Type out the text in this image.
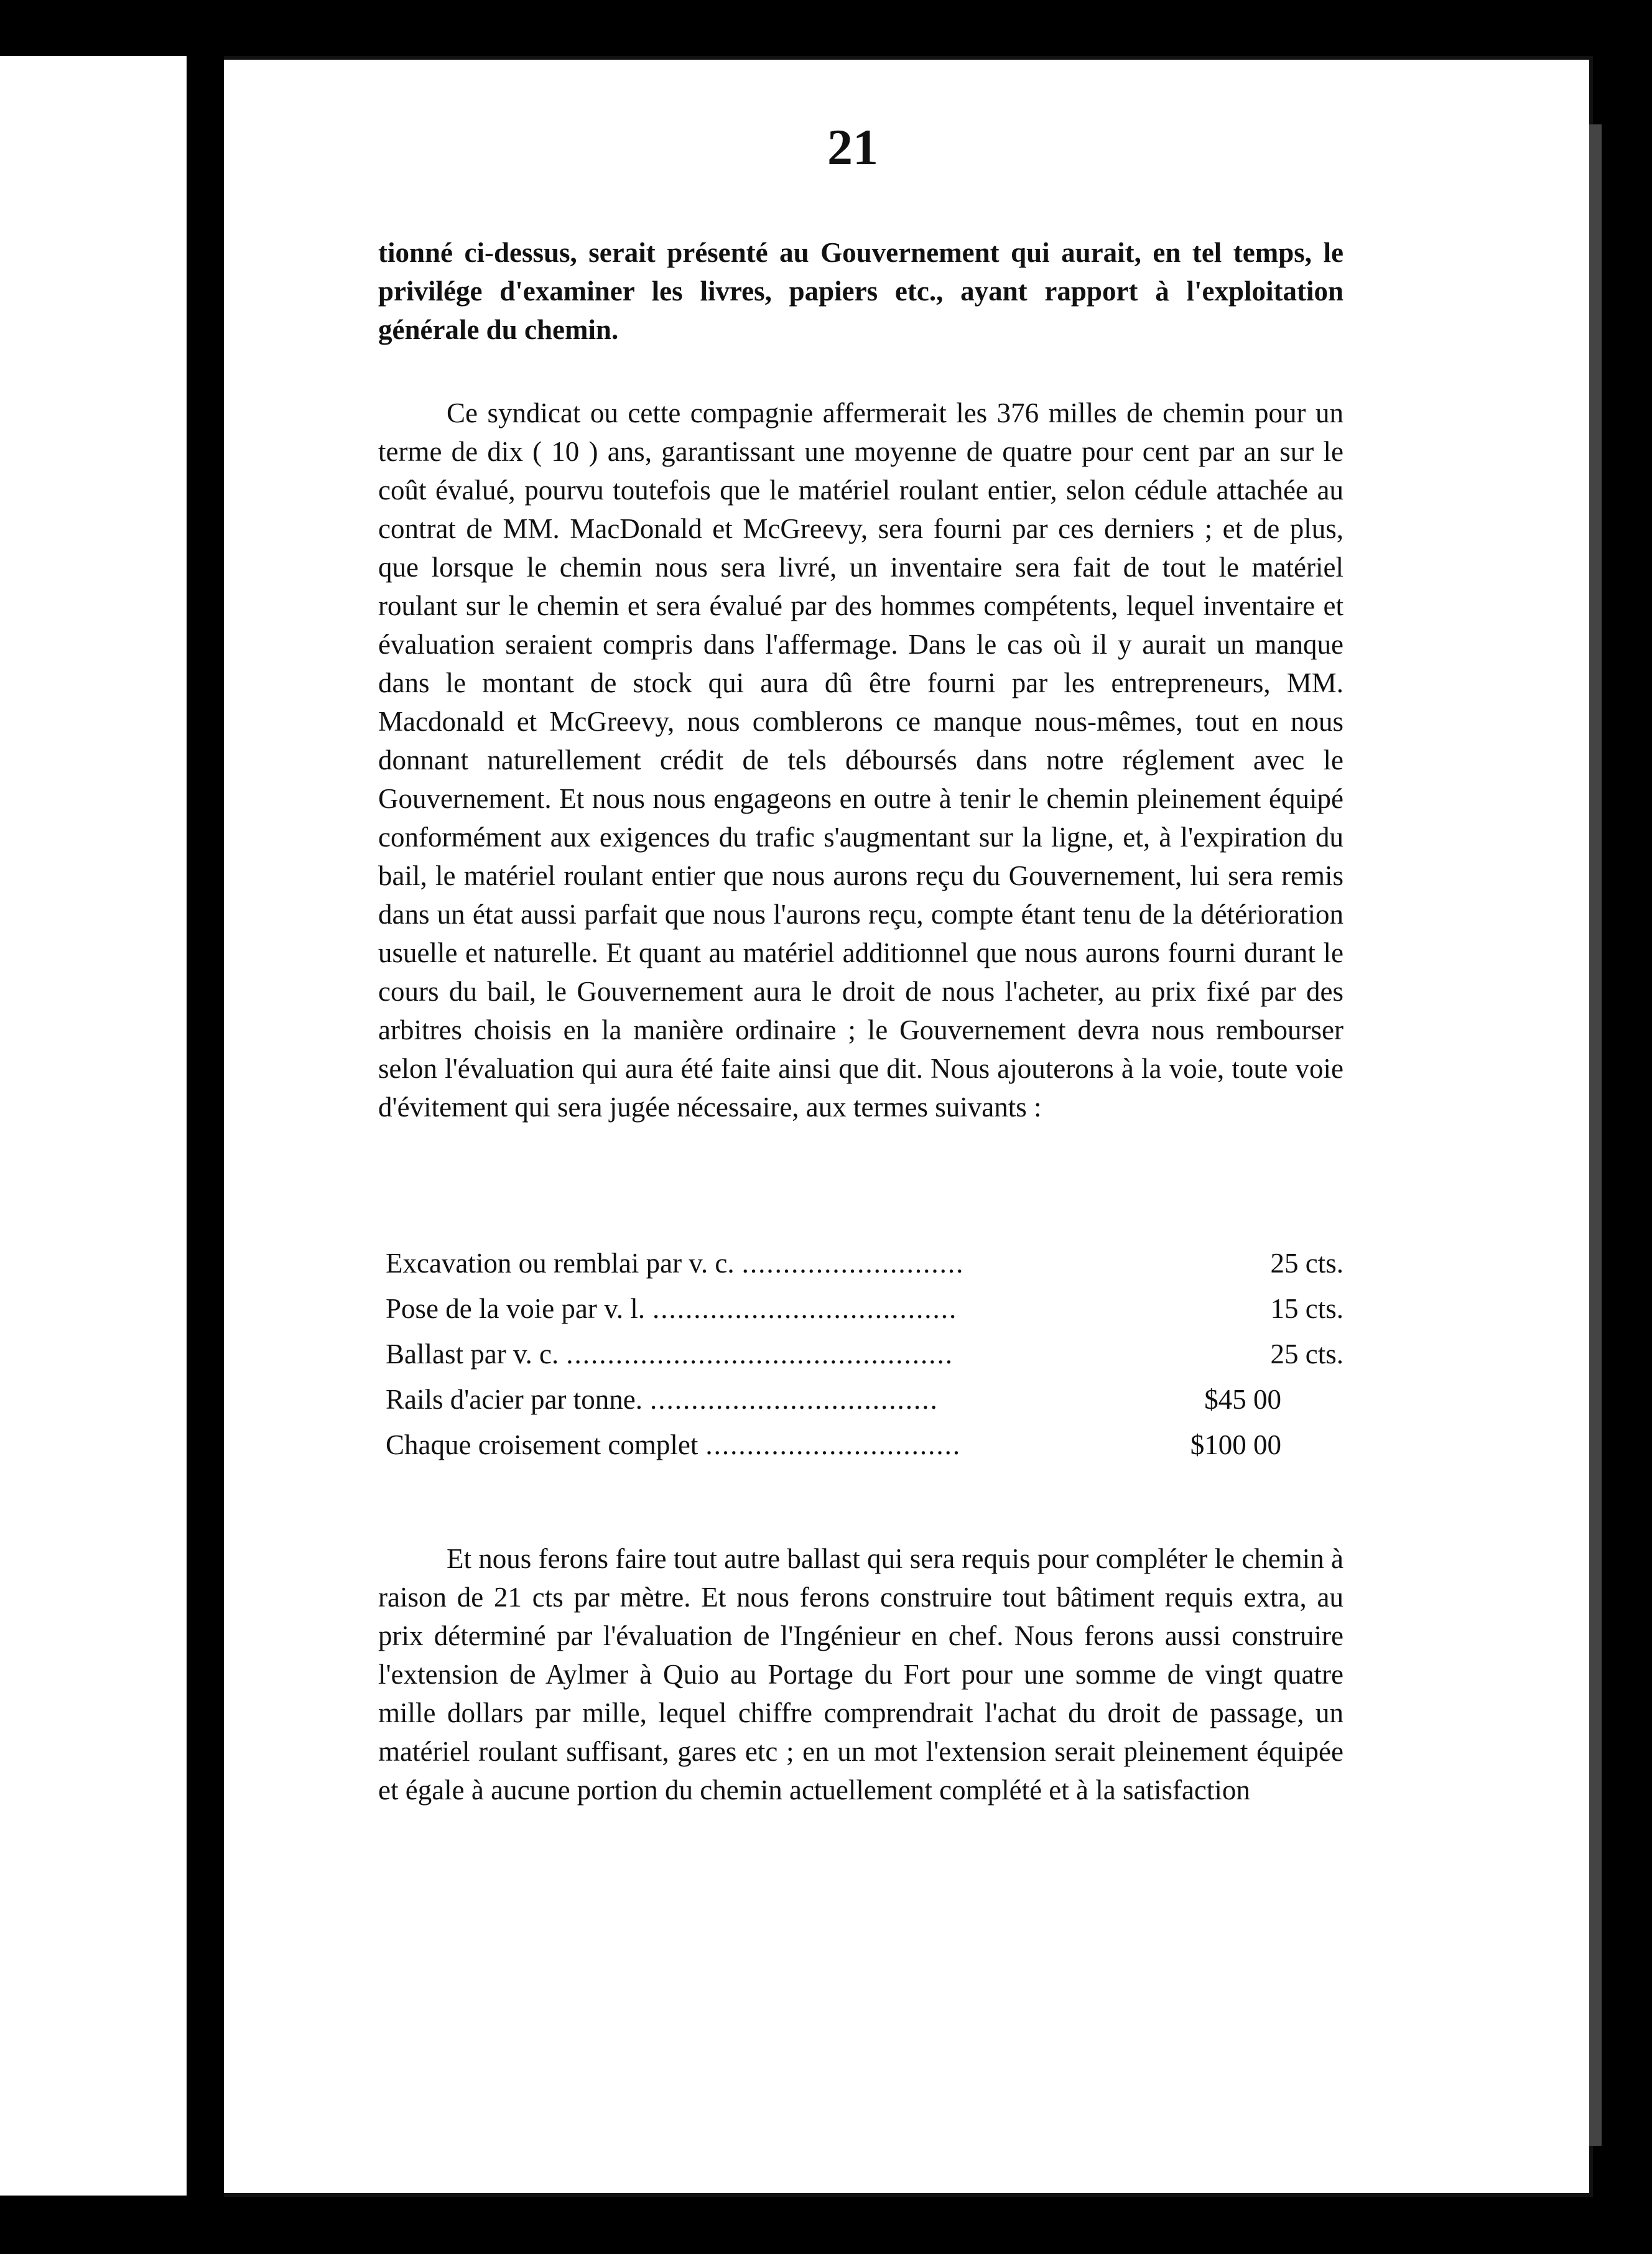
21

tionné ci-dessus, serait présenté au Gouvernement qui aurait, en tel temps, le privilége d'examiner les livres, papiers etc., ayant rapport à l'exploitation générale du chemin.

Ce syndicat ou cette compagnie affermerait les 376 milles de chemin pour un terme de dix ( 10 ) ans, garantissant une moyenne de quatre pour cent par an sur le coût évalué, pourvu toutefois que le matériel roulant entier, selon cédule attachée au contrat de MM. MacDonald et McGreevy, sera fourni par ces derniers ; et de plus, que lorsque le chemin nous sera livré, un inventaire sera fait de tout le matériel roulant sur le chemin et sera évalué par des hommes compétents, lequel inventaire et évaluation seraient compris dans l'affermage. Dans le cas où il y aurait un manque dans le montant de stock qui aura dû être fourni par les entrepreneurs, MM. Macdonald et McGreevy, nous comblerons ce manque nous-mêmes, tout en nous donnant naturellement crédit de tels déboursés dans notre réglement avec le Gouvernement. Et nous nous engageons en outre à tenir le chemin pleinement équipé conformément aux exigences du trafic s'augmentant sur la ligne, et, à l'expiration du bail, le matériel roulant entier que nous aurons reçu du Gouvernement, lui sera remis dans un état aussi parfait que nous l'aurons reçu, compte étant tenu de la détérioration usuelle et naturelle. Et quant au matériel additionnel que nous aurons fourni durant le cours du bail, le Gouvernement aura le droit de nous l'acheter, au prix fixé par des arbitres choisis en la manière ordinaire ; le Gouvernement devra nous rembourser selon l'évaluation qui aura été faite ainsi que dit. Nous ajouterons à la voie, toute voie d'évitement qui sera jugée nécessaire, aux termes suivants :

Excavation ou remblai par v. c. ...........................	25 cts.
Pose de la voie par v. l. .....................................	15 cts.
Ballast par v. c. ...............................................	25 cts.
Rails d'acier par tonne. ...................................	$45 00
Chaque croisement complet ...............................	$100 00

Et nous ferons faire tout autre ballast qui sera requis pour compléter le chemin à raison de 21 cts par mètre. Et nous ferons construire tout bâtiment requis extra, au prix déterminé par l'évaluation de l'Ingénieur en chef. Nous ferons aussi construire l'extension de Aylmer à Quio au Portage du Fort pour une somme de vingt quatre mille dollars par mille, lequel chiffre comprendrait l'achat du droit de passage, un matériel roulant suffisant, gares etc ; en un mot l'extension serait pleinement équipée et égale à aucune portion du chemin actuellement complété et à la satisfaction
